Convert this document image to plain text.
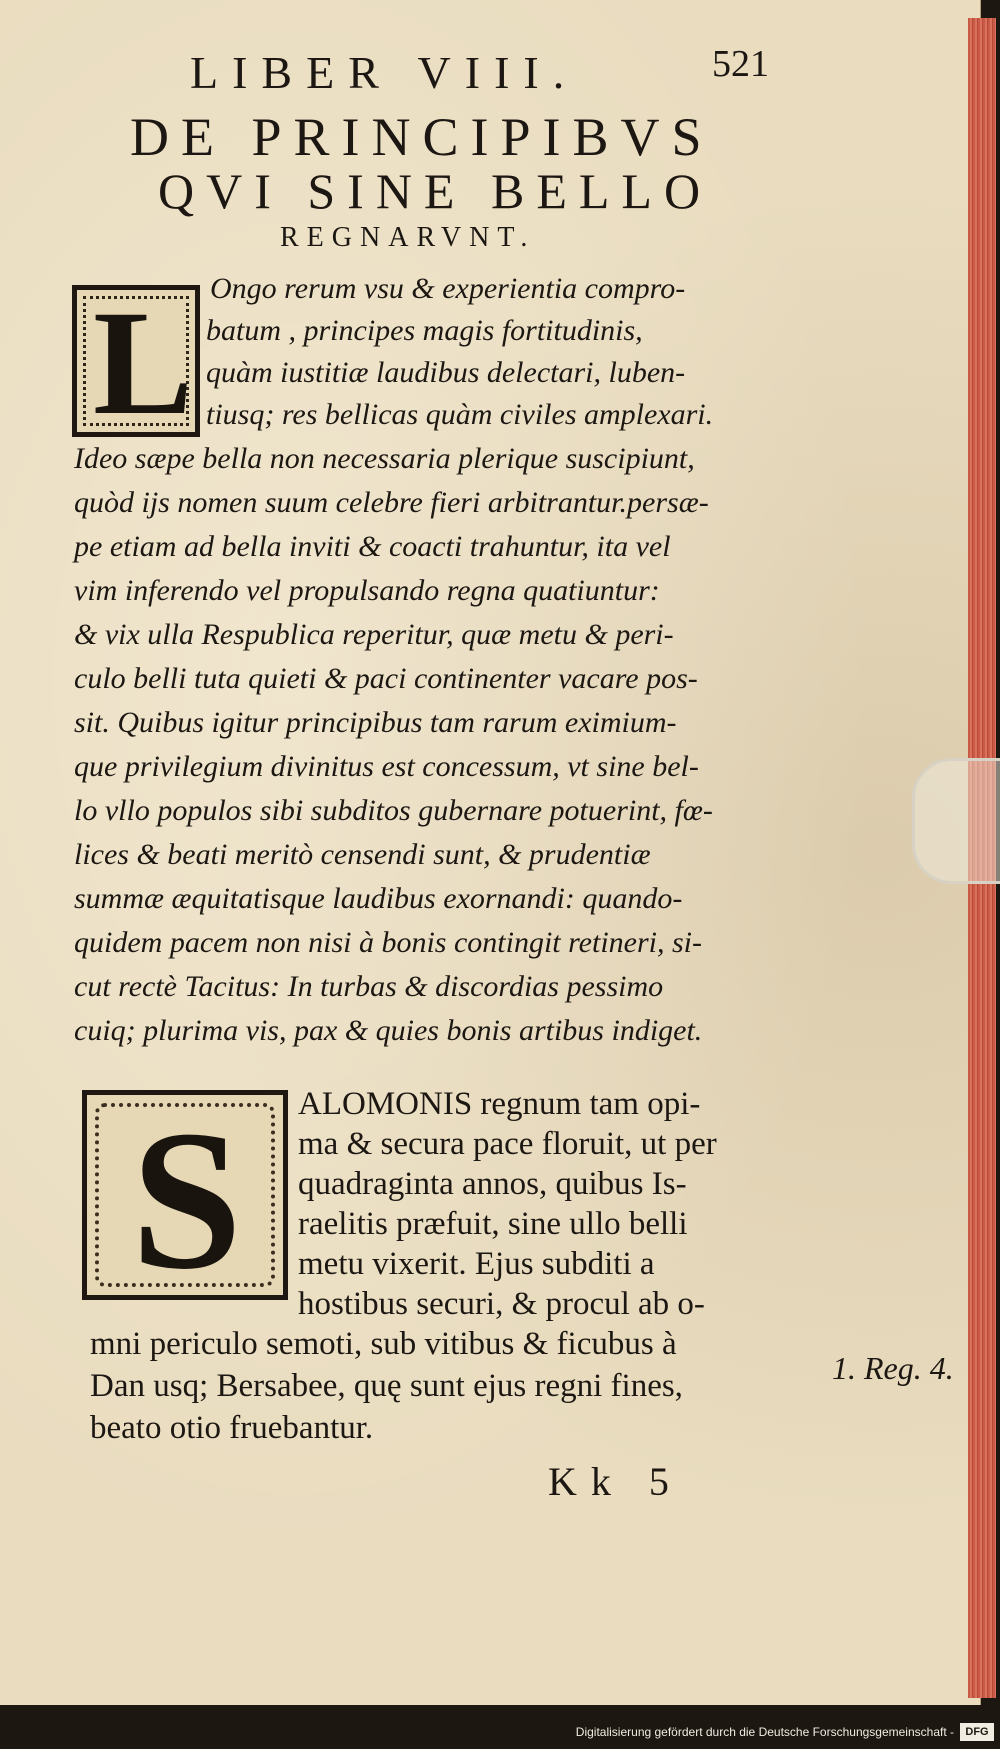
LIBER VIII.	521
DE PRINCIPIBVS
QVI SINE BELLO
REGNARVNT.
L Ongo rerum vsu & experientia compro-
batum , principes magis fortitudinis,
quàm iustitiæ laudibus delectari, luben-
tiusq; res bellicas quàm civiles amplexari.
Ideo sæpe bella non necessaria plerique suscipiunt,
quòd ijs nomen suum celebre fieri arbitrantur.persæ-
pe etiam ad bella inviti & coacti trahuntur, ita vel
vim inferendo vel propulsando regna quatiuntur:
& vix ulla Respublica reperitur, quæ metu & peri-
culo belli tuta quieti & paci continenter vacare pos-
sit. Quibus igitur principibus tam rarum eximium-
que privilegium divinitus est concessum, vt sine bel-
lo vllo populos sibi subditos gubernare potuerint, fœ-
lices & beati meritò censendi sunt, & prudentiæ
summæ æquitatisque laudibus exornandi: quando-
quidem pacem non nisi à bonis contingit retineri, si-
cut rectè Tacitus: In turbas & discordias pessimo
cuiq; plurima vis, pax & quies bonis artibus indiget.
S ALOMONIS regnum tam opi-
ma & secura pace floruit, ut per
quadraginta annos, quibus Is-
raelitis præfuit, sine ullo belli
metu vixerit. Ejus subditi a
hostibus securi, & procul ab o-
mni periculo semoti, sub vitibus & ficubus à
Dan usq; Bersabee, quę sunt ejus regni fines,
beato otio fruebantur.
1. Reg. 4.
Kk 5
Digitalisierung gefördert durch die Deutsche Forschungsgemeinschaft -	DFG
